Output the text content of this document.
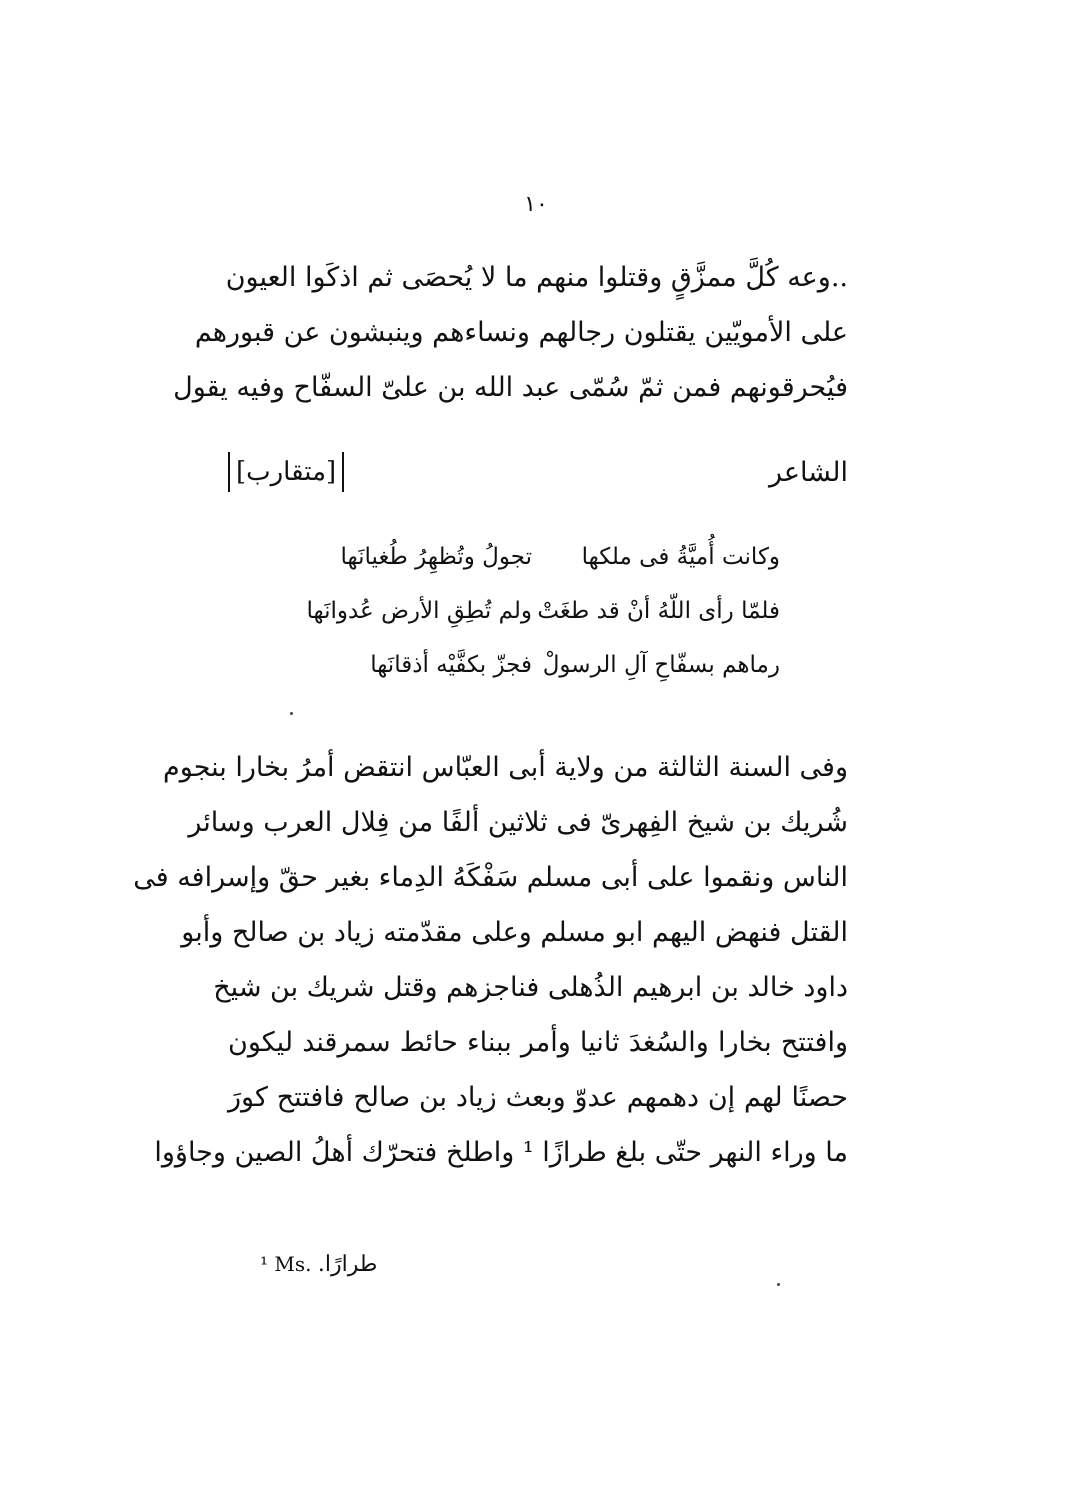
١٠
..وعه كُلَّ ممزَّقٍ وقتلوا منهم ما لا يُحصَى ثم اذكَوا العيون
على الأمويّين يقتلون رجالهم ونساءهم وينبشون عن قبورهم
فيُحرقونهم فمن ثمّ سُمّى عبد الله بن علىّ السفّاح وفيه يقول
الشاعر
[متقارب]
وكانت أُميَّةُ فى ملكها
تجولُ وتُظهِرُ طُغيانَها
فلمّا رأى اللّهُ أنْ قد طغَتْ
ولم تُطِقِ الأرض عُدوانَها
رماهم بسفّاحِ آلِ الرسولْ
فجزّ بكفَّيْه أذقانَها
وفى السنة الثالثة من ولاية أبى العبّاس انتقض أمرُ بخارا بنجوم
شُريك بن شيخ الفِهرىّ فى ثلاثين ألفًا من فِلال العرب وسائر
الناس ونقموا على أبى مسلم سَفْكَهُ الدِماء بغير حقّ وإسرافه فى
القتل فنهض اليهم ابو مسلم وعلى مقدّمته زياد بن صالح وأبو
داود خالد بن ابرهيم الذُهلى فناجزهم وقتل شريك بن شيخ
وافتتح بخارا والسُغدَ ثانيا وأمر ببناء حائط سمرقند ليكون
حصنًا لهم إن دهمهم عدوّ وبعث زياد بن صالح فافتتح كورَ
ما وراء النهر حتّى بلغ طرازًا ¹ واطلخ فتحرّك أهلُ الصين وجاؤوا
¹ Ms. طرارًا.
